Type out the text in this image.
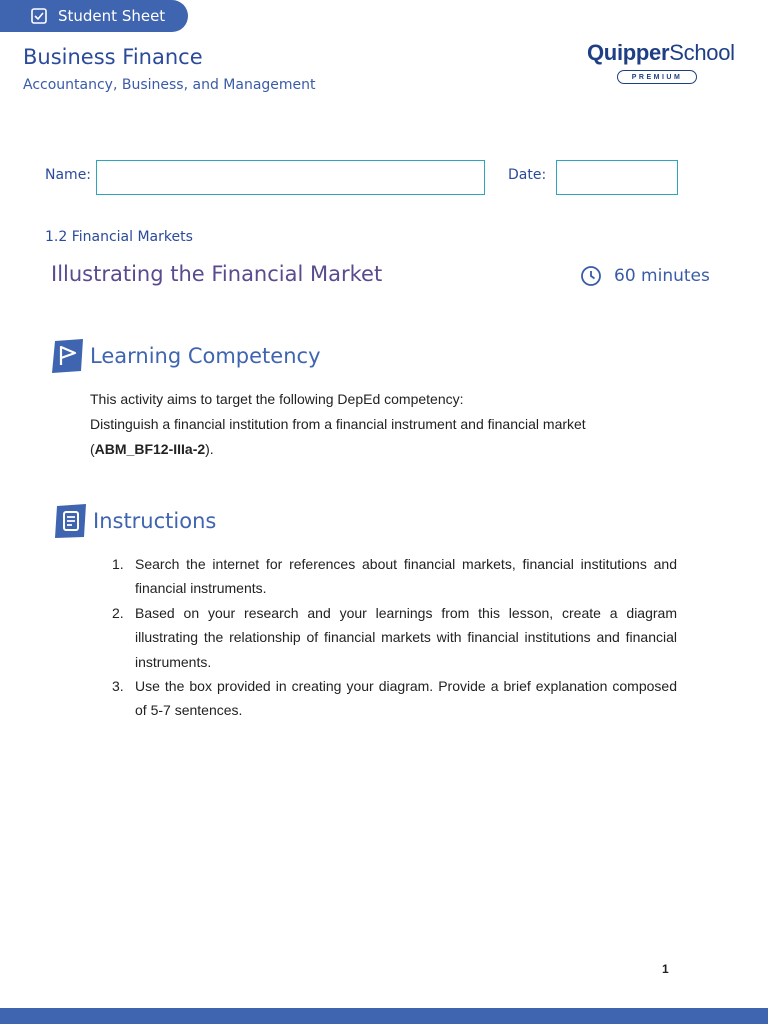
Student Sheet
Business Finance
Accountancy, Business, and Management
QuipperSchool
PREMIUM
Name:	Date:
1.2 Financial Markets
Illustrating the Financial Market	60 minutes
Learning Competency

This activity aims to target the following DepEd competency:

Distinguish a financial institution from a financial instrument and financial market

(ABM_BF12-IIIa-2).

Instructions
Search the internet for references about financial markets, financial institutions and financial instruments.
Based on your research and your learnings from this lesson, create a diagram illustrating the relationship of financial markets with financial institutions and financial instruments.
Use the box provided in creating your diagram. Provide a brief explanation composed of 5-7 sentences.
1
